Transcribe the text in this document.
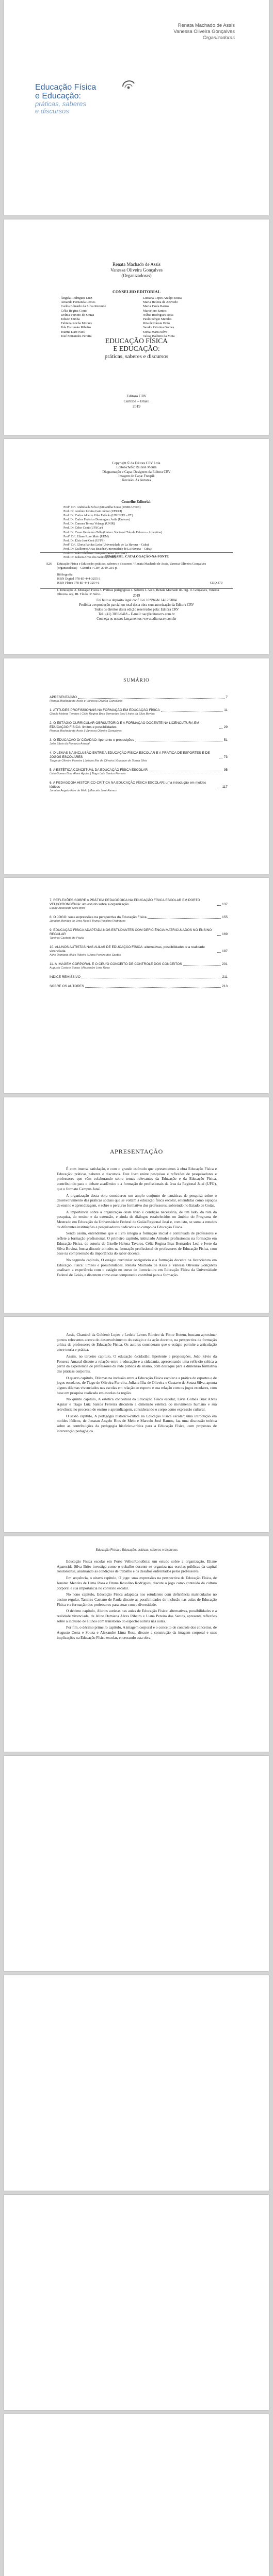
Renata Machado de Assis
Vanessa Oliveira Gonçalves
Organizadoras
Educação Física
e Educação:
práticas, saberes
e discursos
Renata Machado de Assis
Vanessa Oliveira Gonçalves
(Organizadoras)
CONSELHO EDITORIAL
Ângela Rodrigues Luiz
Amanda Fernanda Lemes
Carlos Eduardo da Silva Rezende
Célia Regina Couto
Delma Peixoto de Souza
Edison Cunha
Fabiana Rocha Moraes
Ilda Fortunato Ribeiro
Joanna Darc Paes
José Fernandes Pereira
Luciana Lopes Araújo Sousa
Maria Helena de Azevedo
Maria Paula Barros
Marcelino Santos
Núbia Rodrigues Rosa
Paulo Sérgio Mendes
Rita de Cássia Brito
Sandra Cristina Gomes
Sonia Maria Silva
Taíssa Balbino da Mota
EDUCAÇÃO FÍSICA
E EDUCAÇÃO:
práticas, saberes e discursos
Editora CRV
Curitiba – Brasil
2019
Copyright © da Editora CRV Ltda.
Editor-chefe: Railson Moura
Diagramação e Capa: Designers da Editora CRV
Imagem de Capa: Freepik
Revisão: As Autoras
Conselho Editorial:
Profª. Drª. Andréia da Silva Quintanilha Sousa (UNIR/UFRN)
Prof. Dr. Antônio Pereira Gaio Júnior (UFRRJ)
Prof. Dr. Carlos Alberto Vilar Estêvão (UMINHO – PT)
Prof. Dr. Carlos Federico Dominguez Avila (Unieuro)
Prof. Dr. Carmen Tereza Velanga (UNIR)
Prof. Dr. Celso Conti (UFSCar)
Prof. Dr. Cesar Gerónimo Tello (Univer. Nacional Três de Febrero – Argentina)
Profª. Drª. Eliane Rose Maio (UEM)
Prof. Dr. Élsio José Corá (UFFS)
Profª. Drª. Gloria Fariñas León (Universidade de La Havana – Cuba)
Prof. Dr. Guillermo Arias Beatón (Universidade de La Havana – Cuba)
Prof. Dr. João Adalberto Campato Junior (UNESP)
Prof. Dr. Jailson Alves dos Santos (UFRJ)

CIP-BRASIL. CATALOGAÇÃO-NA-FONTE

E26 Educação Física e Educação: práticas, saberes e discursos / Renata Machado de Assis, Vanessa Oliveira Gonçalves (organizadoras) – Curitiba : CRV, 2019. 216 p.

Bibliografia

ISBN Digital 978-85-444-3255-3

ISBN Físico 978-85-444-3254-6

1. Educação. 2. Educação Física 3. Práticas pedagógicas 4. Saberes I. Assis, Renata Machado de. org. II. Gonçalves, Vanessa Oliveira. org. III. Título IV. Série.

CDD 370
2019
Foi feito o depósito legal conf. Lei 10.994 de 14/12/2004
Proibida a reprodução parcial ou total desta obra sem autorização da Editora CRV
Todos os direitos desta edição reservados pela: Editora CRV
Tel.: (41) 3039-6418 – E-mail: sac@editoracrv.com.br
Conheça os nossos lançamentos: www.editoracrv.com.br
SUMÁRIO
APRESENTAÇÃO	7
Renata Machado de Assis e Vanessa Oliveira Gonçalves
1. ATITUDES PROFISSIONAIS NA FORMAÇÃO EM EDUCAÇÃO FÍSICA	11
Giselle Helena Tavares | Célia Regina Bras Bernardes Leal | Ivete da Silva Bovina
2. O ESTÁGIO CURRICULAR OBRIGATÓRIO E A FORMAÇÃO DOCENTE NA LICENCIATURA EM EDUCAÇÃO FÍSICA: limites e possibilidades	29
Renata Machado de Assis | Vanessa Oliveira Gonçalves
3. O EDUCAÇÃO Ó/ CIDADÃO: lipertente e proposições	51
João Sávio da Fonseca Amaral
4. DILEMAS NA INCLUSÃO ENTRE A EDUCAÇÃO FÍSICA ESCOLAR E A PRÁTICA DE ESPORTES E DE JOGOS ESCOLARES	73
Tiago de Oliveira Ferreira | Juliana Ilha de Oliveira | Gustavo de Souza Silva
5. A ESTÉTICA CONCETUAL DA EDUCAÇÃO FÍSICA ESCOLAR	95
Lívia Gomes Braz Alves Aguiar | Tiago Luiz Santos Ferreira
6. A PEDAGOGIA HISTÓRICO-CRÍTICA NA EDUCAÇÃO FÍSICA ESCOLAR: uma introdução em moldes lúdicos	117
Jonatan Angelo Rios de Melo | Marcelo José Ramos
7. REFLEXÕES SOBRE A PRÁTICA PEDAGÓGICA NA EDUCAÇÃO FÍSICA ESCOLAR EM PORTO VELHO/RONDÔNIA: um estudo sobre a organização	137
Eliane Aparecida Silva Brito
8. O JOGO: suas expressões na perspectiva da Educação Física	155
Jonatan Mendes de Lima Rosa | Bruna Rosolino Rodrigues
9. EDUCAÇÃO FÍSICA ADAPTADA NOS ESTUDANTES COM DEFICIÊNCIA MATRICULADOS NO ENSINO REGULAR	169
Tamires Caetano de Paula
10. ALUNOS AUTISTAS NAS AULAS DE EDUCAÇÃO FÍSICA: alternativas, possibilidades e a realidade vivenciada	187
Aline Damiana Alves Ribeiro | Liana Pereira dos Santos
11. A IMAGEM CORPORAL E O CEU/O CONCEITO DE CONTROLE DOS CONCEITOS	201
Augusto Costa e Souza | Alexandre Lima Rosa
ÍNDICE REMISSIVO	211
SOBRE OS AUTORES	213
APRESENTAÇÃO

É com imensa satisfação, e com o grande estímulo que apresentamos à obra Educação Física e Educação: práticas, saberes e discursos. Este livro reúne pesquisas e reflexões de pesquisadores e professores que vêm colaborando sobre temas relevantes da Educação e da Educação Física, contribuindo para o debate acadêmico e a formação de profissionais da área da Regional Jataí (UFG), que o formato Campus Jataí.

A organização desta obra considerou um amplo conjunto de temáticas de pesquisa sobre o desenvolvimento das práticas sociais que se voltam à educação física escolar, entendidas como espaços de ensino e aprendizagem, e sobre o percurso formativo dos professores, sobretudo no Estado de Goiás.

A importância sobre a organização deste livro é condição necessária, de um lado, da rota da pesquisa, do ensino e da extensão, e ainda de diálogos estabelecidos no âmbito do Programa de Mestrado em Educação da Universidade Federal de Goiás/Regional Jataí e, com isto, se soma a estudos de diferentes instituições e pesquisadores dedicados ao campo da Educação Física.

Sendo assim, entendemos que o livro integra a formação inicial e continuada de professores e reflete a formação profissional. O primeiro capítulo, intitulado Atitudes profissionais na formação em Educação Física, de autoria de Giselle Helena Tavares, Célia Regina Bras Bernardes Leal e Ivete da Silva Bovina, busca discutir atitudes na formação profissional de professores de Educação Física, com base na compreensão da importância do saber docente.

No segundo capítulo, O estágio curricular obrigatório e a formação docente na licenciatura em Educação Física: limites e possibilidades, Renata Machado de Assis e Vanessa Oliveira Gonçalves analisam a experiência com o estágio no curso de licenciatura em Educação Física da Universidade Federal de Goiás, e discutem como esse componente contribui para a formação.

Assis, Chambel da Goldenb Lopes e Letícia Lemes Ribeiro da Fonte Botem, buscam aproximar pontos relevantes acerca do desenvolvimento do estágio e da ação docente, na perspectiva da formação crítica de professores de Educação Física. Os autores consideram que o estágio permite a articulação entre teoria e prática.

Assim, no terceiro capítulo, O educação ó/cidadão: lipertente e proposições, João Sávio da Fonseca Amaral discute a relação entre a educação e a cidadania, apresentando uma reflexão crítica a partir da experiência de professores da rede pública de ensino, com destaque para a dimensão formativa das práticas corporais.

O quarto capítulo, Dilemas na inclusão entre a Educação Física escolar e a prática de esportes e de jogos escolares, de Tiago de Oliveira Ferreira, Juliana Ilha de Oliveira e Gustavo de Souza Silva, aponta alguns dilemas vivenciados nas escolas em relação ao esporte e sua relação com os jogos escolares, com base em pesquisa realizada em escolas da região.

No quinto capítulo, A estética conceitual da Educação Física escolar, Lívia Gomes Braz Alves Aguiar e Tiago Luiz Santos Ferreira discutem a dimensão estética do movimento humano e sua relevância no processo de ensino e aprendizagem, considerando o corpo como expressão cultural.

O sexto capítulo, A pedagogia histórico-crítica na Educação Física escolar: uma introdução em moldes lúdicos, de Jonatan Angelo Rios de Melo e Marcelo José Ramos, faz uma discussão teórica sobre as contribuições da pedagogia histórico-crítica para a Educação Física, com propostas de intervenção pedagógica.

Educação Física e Educação: práticas, saberes e discursos

Educação Física escolar em Porto Velho/Rondônia: um estudo sobre a organização, Eliane Aparecida Silva Brito investiga como o trabalho docente se organiza nas escolas públicas da capital rondoniense, analisando as condições de trabalho e os desafios enfrentados pelos professores.

Em sequência, o oitavo capítulo, O jogo: suas expressões na perspectiva da Educação Física, de Jonatan Mendes de Lima Rosa e Bruna Rosolino Rodrigues, discute o jogo como conteúdo da cultura corporal e sua importância no contexto escolar.

No nono capítulo, Educação Física adaptada nos estudantes com deficiência matriculados no ensino regular, Tamires Caetano de Paula discute as possibilidades de inclusão nas aulas de Educação Física e a formação dos professores para atuar com a diversidade.

O décimo capítulo, Alunos autistas nas aulas de Educação Física: alternativas, possibilidades e a realidade vivenciada, de Aline Damiana Alves Ribeiro e Liana Pereira dos Santos, apresenta reflexões sobre a inclusão de alunos com transtorno do espectro autista nas aulas.

Por fim, o décimo primeiro capítulo, A imagem corporal e o conceito de controle dos conceitos, de Augusto Costa e Souza e Alexandre Lima Rosa, discute a construção da imagem corporal e suas implicações na Educação Física escolar, encerrando esta obra.
